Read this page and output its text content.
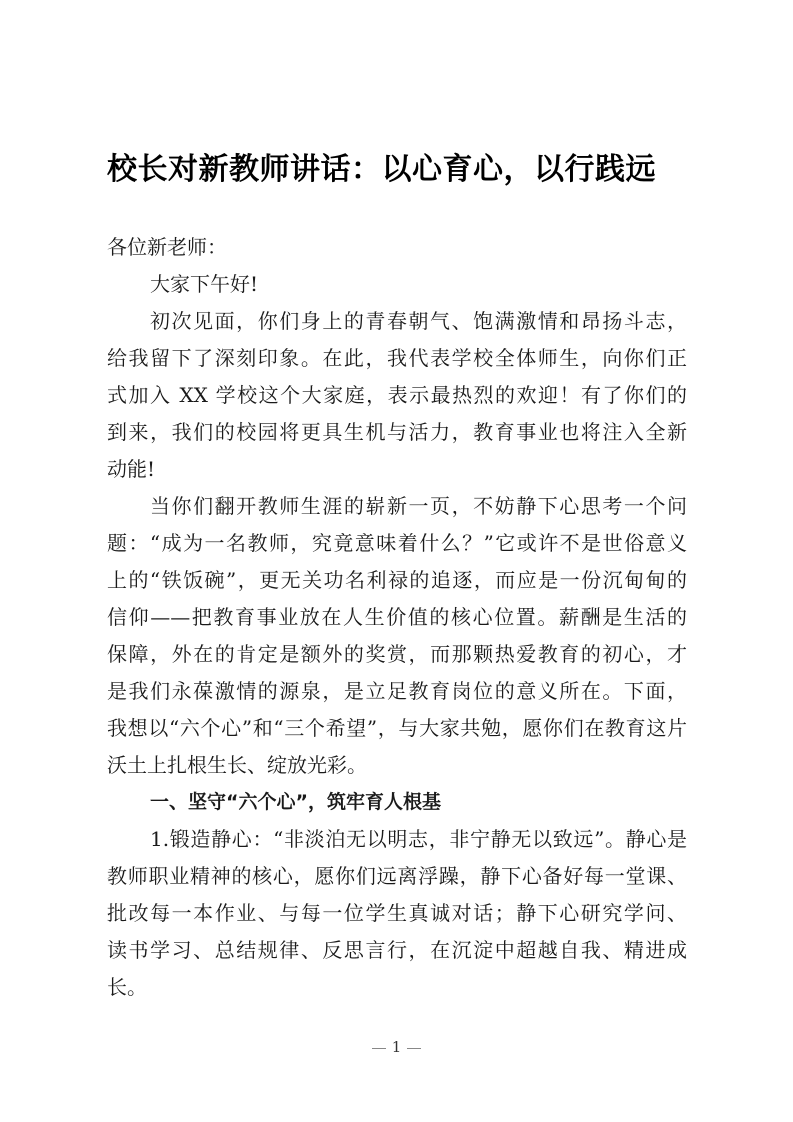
校长对新教师讲话：以心育心，以行践远
各位新老师：
大家下午好!
初次见面，你们身上的青春朝气、饱满激情和昂扬斗志，
给我留下了深刻印象。在此，我代表学校全体师生，向你们正
式加入 XX 学校这个大家庭，表示最热烈的欢迎！有了你们的
到来，我们的校园将更具生机与活力，教育事业也将注入全新
动能!
当你们翻开教师生涯的崭新一页，不妨静下心思考一个问
题：“成为一名教师，究竟意味着什么？”它或许不是世俗意义
上的“铁饭碗”，更无关功名利禄的追逐，而应是一份沉甸甸的
信仰——把教育事业放在人生价值的核心位置。薪酬是生活的
保障，外在的肯定是额外的奖赏，而那颗热爱教育的初心，才
是我们永葆激情的源泉，是立足教育岗位的意义所在。下面，
我想以“六个心”和“三个希望”，与大家共勉，愿你们在教育这片
沃土上扎根生长、绽放光彩。
一、坚守“六个心”，筑牢育人根基
1.锻造静心：“非淡泊无以明志，非宁静无以致远”。静心是
教师职业精神的核心，愿你们远离浮躁，静下心备好每一堂课、
批改每一本作业、与每一位学生真诚对话；静下心研究学问、
读书学习、总结规律、反思言行，在沉淀中超越自我、精进成
长。
1
